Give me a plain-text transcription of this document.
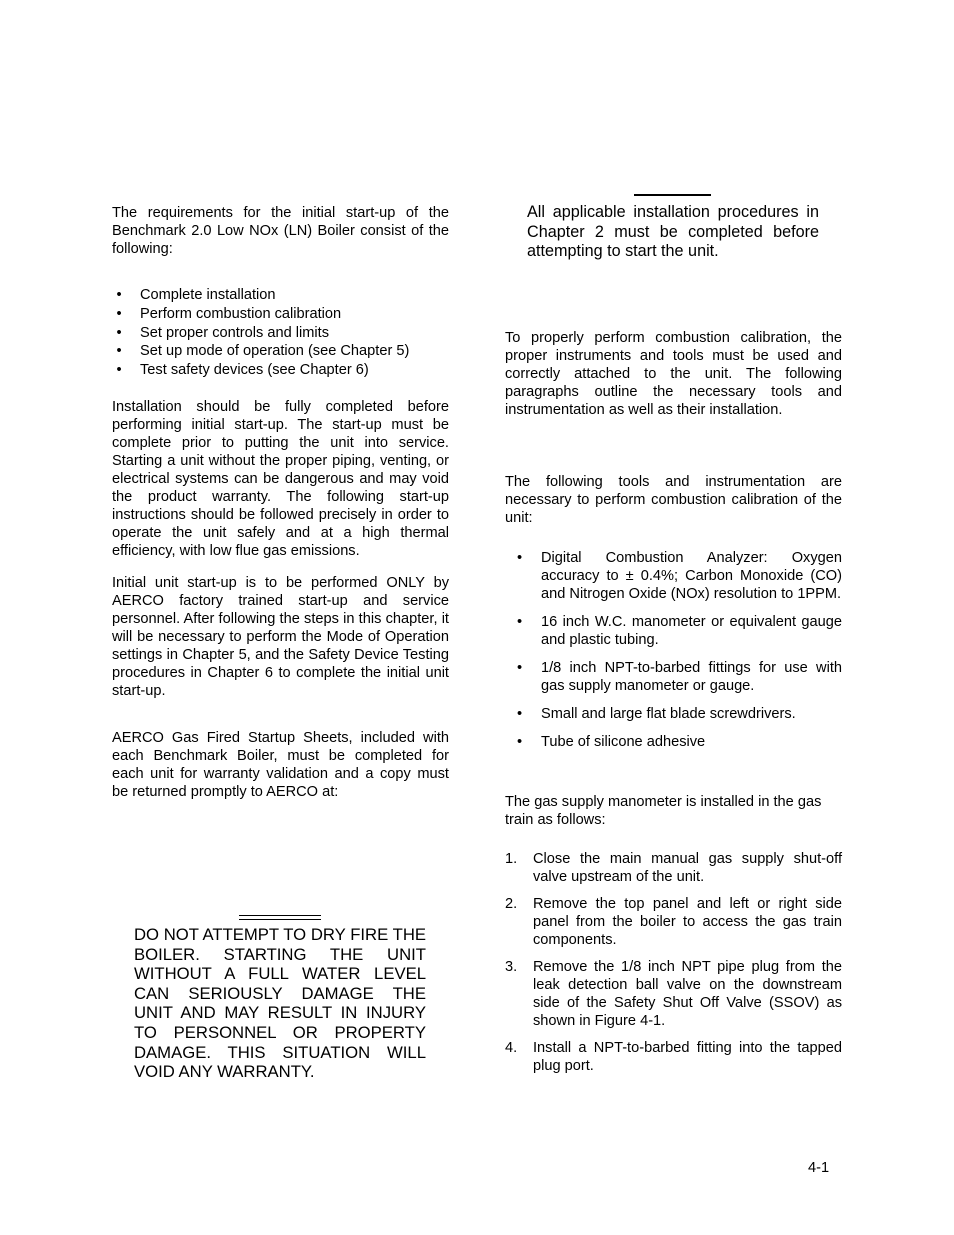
The requirements for the initial start-up of the Benchmark 2.0 Low NOx (LN) Boiler consist of the following:

•	Complete installation
•	Perform combustion calibration
•	Set proper controls and limits
•	Set up mode of operation (see Chapter 5)
•	Test safety devices (see Chapter 6)

Installation should be fully completed before performing initial start-up. The start-up must be complete prior to putting the unit into service. Starting a unit without the proper piping, venting, or electrical systems can be dangerous and may void the product warranty. The following start-up instructions should be followed precisely in order to operate the unit safely and at a high thermal efficiency, with low flue gas emissions.

Initial unit start-up is to be performed ONLY by AERCO factory trained start-up and service personnel. After following the steps in this chapter, it will be necessary to perform the Mode of Operation settings in Chapter 5, and the Safety Device Testing procedures in Chapter 6 to complete the initial unit start-up.

AERCO Gas Fired Startup Sheets, included with each Benchmark Boiler, must be completed for each unit for warranty validation and a copy must be returned promptly to AERCO at:

DO NOT ATTEMPT TO DRY FIRE THE BOILER. STARTING THE UNIT WITHOUT A FULL WATER LEVEL CAN SERIOUSLY DAMAGE THE UNIT AND MAY RESULT IN INJURY TO PERSONNEL OR PROPERTY DAMAGE. THIS SITUATION WILL VOID ANY WARRANTY.
All applicable installation procedures in Chapter 2 must be completed before attempting to start the unit.

To properly perform combustion calibration, the proper instruments and tools must be used and correctly attached to the unit. The following paragraphs outline the necessary tools and instrumentation as well as their installation.

The following tools and instrumentation are necessary to perform combustion calibration of the unit:

• Digital Combustion Analyzer: Oxygen accuracy to ± 0.4%; Carbon Monoxide (CO) and Nitrogen Oxide (NOx) resolution to 1PPM.
• 16 inch W.C. manometer or equivalent gauge and plastic tubing.
• 1/8 inch NPT-to-barbed fittings for use with gas supply manometer or gauge.
• Small and large flat blade screwdrivers.
• Tube of silicone adhesive

The gas supply manometer is installed in the gas train as follows:

1. Close the main manual gas supply shut-off valve upstream of the unit.
2. Remove the top panel and left or right side panel from the boiler to access the gas train components.
3. Remove the 1/8 inch NPT pipe plug from the leak detection ball valve on the downstream side of the Safety Shut Off Valve (SSOV) as shown in Figure 4-1.
4. Install a NPT-to-barbed fitting into the tapped plug port.
4-1
